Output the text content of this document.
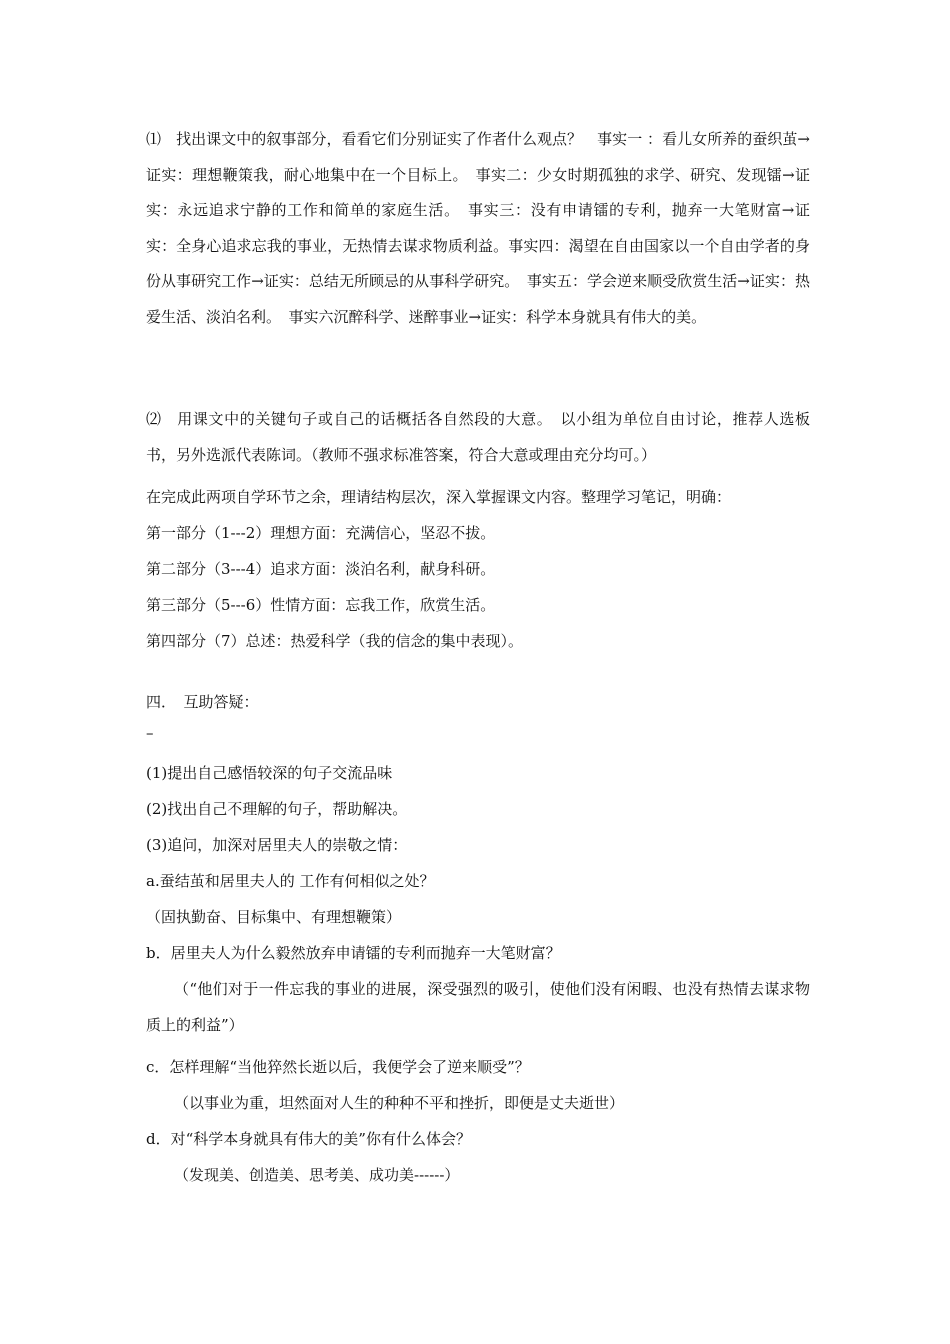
⑴　找出课文中的叙事部分，看看它们分别证实了作者什么观点？　事实一 ：看儿女所养的蚕织茧→证实：理想鞭策我，耐心地集中在一个目标上。　事实二：少女时期孤独的求学、研究、发现镭→证实：永远追求宁静的工作和简单的家庭生活。　事实三：没有申请镭的专利，抛弃一大笔财富→证实：全身心追求忘我的事业，无热情去谋求物质利益。事实四：渴望在自由国家以一个自由学者的身份从事研究工作→证实：总结无所顾忌的从事科学研究。　事实五：学会逆来顺受欣赏生活→证实：热爱生活、淡泊名利。　事实六沉醉科学、迷醉事业→证实：科学本身就具有伟大的美。

⑵　用课文中的关键句子或自己的话概括各自然段的大意。　以小组为单位自由讨论，推荐人选板书，另外选派代表陈词。（教师不强求标准答案，符合大意或理由充分均可。）

在完成此两项自学环节之余，理请结构层次，深入掌握课文内容。整理学习笔记，明确：
第一部分（1---2）理想方面：充满信心，坚忍不拔。
第二部分（3---4）追求方面：淡泊名利，献身科研。
第三部分（5---6）性情方面：忘我工作，欣赏生活。
第四部分（7）总述：热爱科学（我的信念的集中表现）。
四．　互助答疑：
–
(1)提出自己感悟较深的句子交流品味
(2)找出自己不理解的句子，帮助解决。
(3)追问，加深对居里夫人的崇敬之情：
a.蚕结茧和居里夫人的 工作有何相似之处？
（固执勤奋、目标集中、有理想鞭策）
b．居里夫人为什么毅然放弃申请镭的专利而抛弃一大笔财富？

（“他们对于一件忘我的事业的进展，深受强烈的吸引，使他们没有闲暇、也没有热情去谋求物质上的利益”）

c．怎样理解“当他猝然长逝以后，我便学会了逆来顺受”？
（以事业为重，坦然面对人生的种种不平和挫折，即便是丈夫逝世）
d．对“科学本身就具有伟大的美”你有什么体会？
（发现美、创造美、思考美、成功美------）
